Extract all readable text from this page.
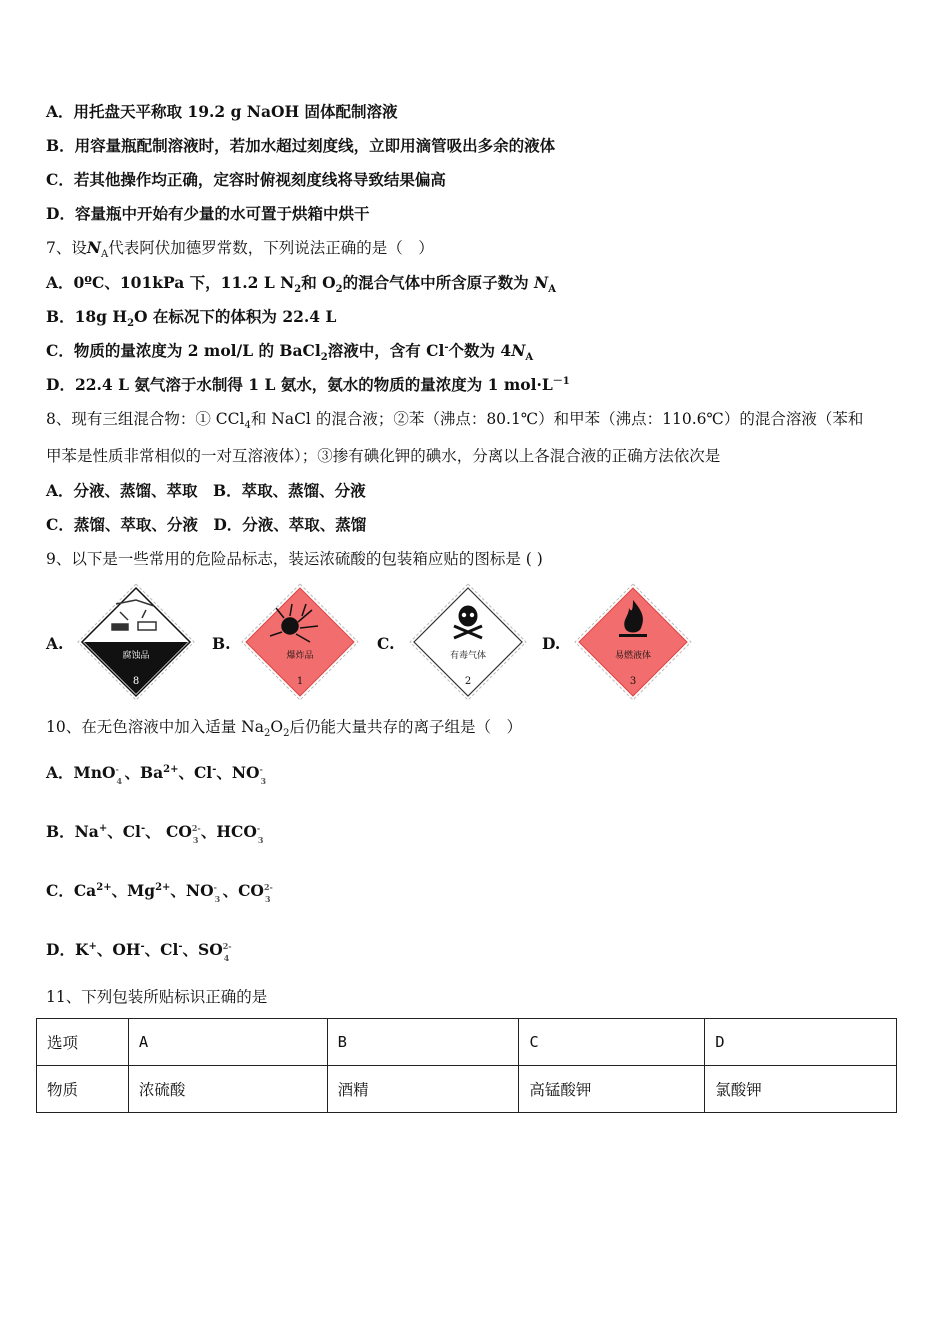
A．用托盘天平称取 19.2 g NaOH 固体配制溶液
B．用容量瓶配制溶液时，若加水超过刻度线，立即用滴管吸出多余的液体
C．若其他操作均正确，定容时俯视刻度线将导致结果偏高
D．容量瓶中开始有少量的水可置于烘箱中烘干
7、设$N_A$代表阿伏加德罗常数，下列说法正确的是（　）
A．0ºC、101kPa 下，11.2 L $N_2$和 $O_2$的混合气体中所含原子数为 $N_A$
B．18g $H_2O$ 在标况下的体积为 22.4 L
C．物质的量浓度为 2 mol/L 的 BaCl$_2$溶液中，含有 Cl-个数为 $4N_A$
D．22.4 L 氨气溶于水制得 1 L 氨水，氨水的物质的量浓度为 1 $mol\cdot L^{-1}$
8、现有三组混合物：① CCl$_4$和 NaCl 的混合液；②苯（沸点：80.1℃）和甲苯（沸点：110.6℃）的混合溶液（苯和
甲苯是性质非常相似的一对互溶液体）；③掺有碘化钾的碘水，分离以上各混合液的正确方法依次是
A．分液、蒸馏、萃取　B．萃取、蒸馏、分液
C．蒸馏、萃取、分液　D．分液、萃取、蒸馏
9、以下是一些常用的危险品标志，装运浓硫酸的包装箱应贴的图标是 ( )
A.
腐蚀品
8
B.
爆炸品
1
C.
有毒气体
2
D.
易燃液体
3
10、在无色溶液中加入适量 $Na_2O_2$后仍能大量共存的离子组是（　）
A．MnO -
4 、$Ba^{2+}$、Cl-、NO -
3
B．Na+、Cl-、 CO 2-
3 、HCO -
3
C．$Ca^{2+}$、$Mg^{2+}$、NO -
3 、CO 2-
3
D．K+、OH-、Cl-、SO 2-
4
11、下列包装所贴标识正确的是
选项	A	B	C	D
物质	浓硫酸	酒精	高锰酸钾	氯酸钾
